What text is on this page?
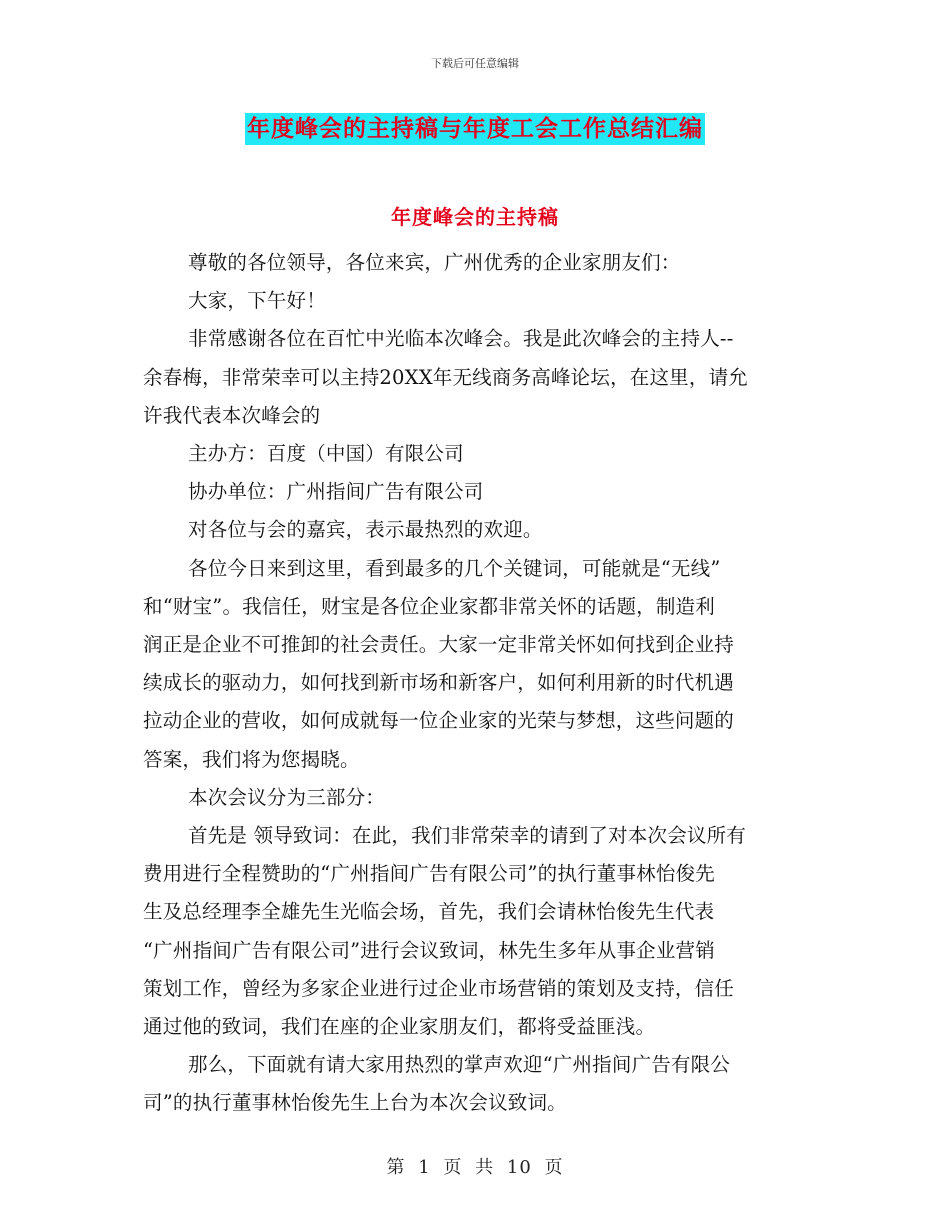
下载后可任意编辑
年度峰会的主持稿与年度工会工作总结汇编
年度峰会的主持稿

尊敬的各位领导，各位来宾，广州优秀的企业家朋友们：

大家，下午好！

非常感谢各位在百忙中光临本次峰会。我是此次峰会的主持人--

余春梅，非常荣幸可以主持20XX年无线商务高峰论坛，在这里，请允

许我代表本次峰会的

主办方：百度（中国）有限公司

协办单位：广州指间广告有限公司

对各位与会的嘉宾，表示最热烈的欢迎。

各位今日来到这里，看到最多的几个关键词，可能就是“无线”

和“财宝”。我信任，财宝是各位企业家都非常关怀的话题，制造利

润正是企业不可推卸的社会责任。大家一定非常关怀如何找到企业持

续成长的驱动力，如何找到新市场和新客户，如何利用新的时代机遇

拉动企业的营收，如何成就每一位企业家的光荣与梦想，这些问题的

答案，我们将为您揭晓。

本次会议分为三部分：

首先是 领导致词：在此，我们非常荣幸的请到了对本次会议所有

费用进行全程赞助的“广州指间广告有限公司”的执行董事林怡俊先

生及总经理李全雄先生光临会场，首先，我们会请林怡俊先生代表

“广州指间广告有限公司”进行会议致词，林先生多年从事企业营销

策划工作，曾经为多家企业进行过企业市场营销的策划及支持，信任

通过他的致词，我们在座的企业家朋友们，都将受益匪浅。

那么，下面就有请大家用热烈的掌声欢迎“广州指间广告有限公

司”的执行董事林怡俊先生上台为本次会议致词。

第 1 页 共 10 页
